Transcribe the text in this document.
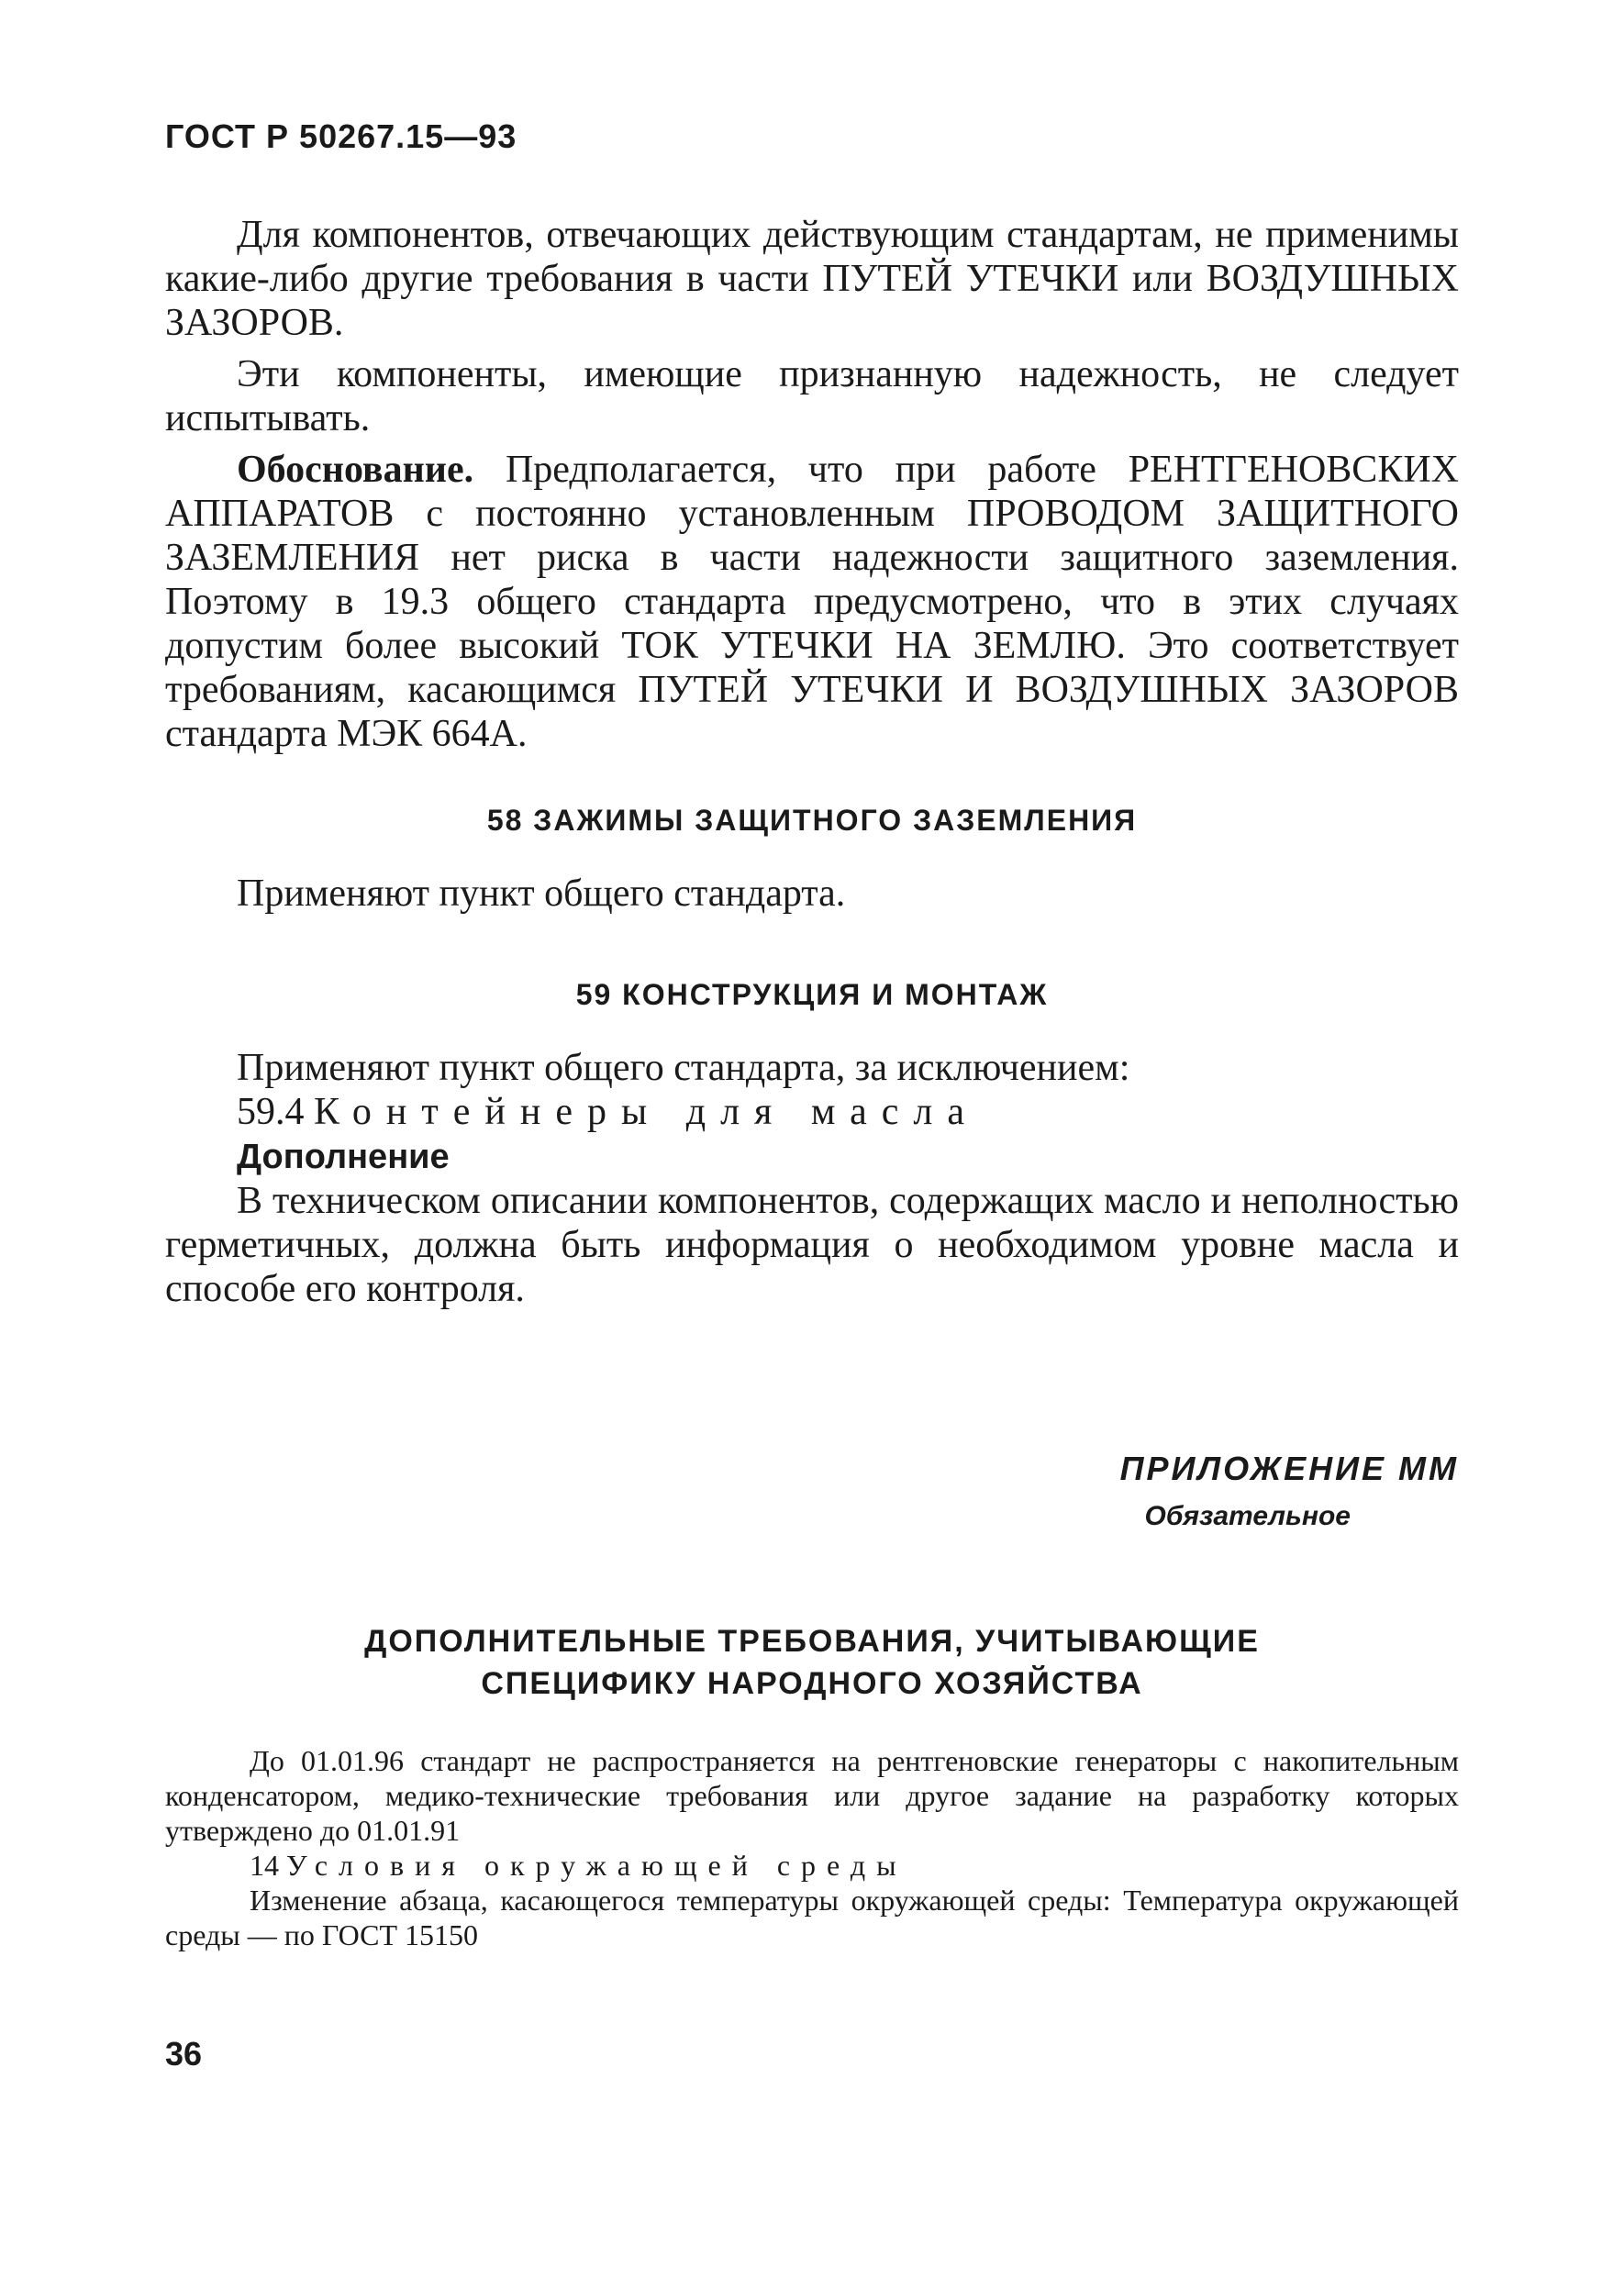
ГОСТ Р 50267.15—93

Для компонентов, отвечающих действующим стандартам, не применимы какие-либо другие требования в части ПУТЕЙ УТЕЧКИ или ВОЗДУШНЫХ ЗАЗОРОВ.

Эти компоненты, имеющие признанную надежность, не следует испытывать.

Обоснование. Предполагается, что при работе РЕНТГЕНОВСКИХ АППАРАТОВ с постоянно установленным ПРОВОДОМ ЗАЩИТНОГО ЗАЗЕМЛЕНИЯ нет риска в части надежности защитного заземления. Поэтому в 19.3 общего стандарта предусмотрено, что в этих случаях допустим более высокий ТОК УТЕЧКИ НА ЗЕМЛЮ. Это соответствует требованиям, касающимся ПУТЕЙ УТЕЧКИ И ВОЗДУШНЫХ ЗАЗОРОВ стандарта МЭК 664А.

58 ЗАЖИМЫ ЗАЩИТНОГО ЗАЗЕМЛЕНИЯ

Применяют пункт общего стандарта.

59 КОНСТРУКЦИЯ И МОНТАЖ

Применяют пункт общего стандарта, за исключением:

59.4 Контейнеры для масла

Дополнение

В техническом описании компонентов, содержащих масло и неполностью герметичных, должна быть информация о необходимом уровне масла и способе его контроля.

ПРИЛОЖЕНИЕ ММ
Обязательное
ДОПОЛНИТЕЛЬНЫЕ ТРЕБОВАНИЯ, УЧИТЫВАЮЩИЕ
СПЕЦИФИКУ НАРОДНОГО ХОЗЯЙСТВА

До 01.01.96 стандарт не распространяется на рентгеновские генераторы с накопительным конденсатором, медико-технические требования или другое задание на разработку которых утверждено до 01.01.91

14 Условия окружающей среды

Изменение абзаца, касающегося температуры окружающей среды: Температура окружающей среды — по ГОСТ 15150

36
